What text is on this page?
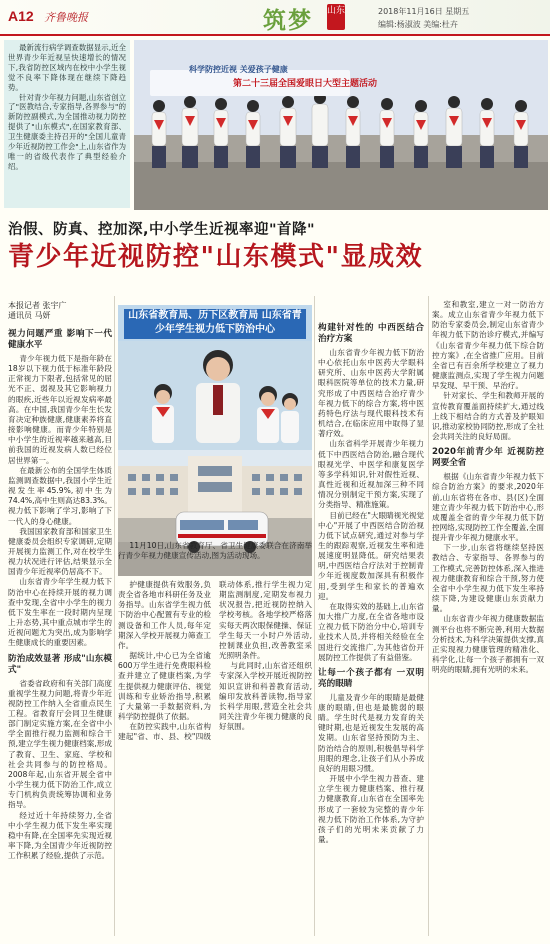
A12 齐鲁晚报	筑梦 山东	2018年11月16日 星期五
编辑:杨淑波 美编:杜卉

最新流行病学调查数据显示,近全世界青少年近视呈快速增长的情况下,我省防控区域内在校中小学生视觉不良率下降体现在继续下降趋势。

针对青少年视力问题,山东省创立了"医教结合,专家指导,各界参与"的新防控副模式,为全国推动视力防控提供了"山东模式",在国家教育部、卫生健康委主持召开的"全国儿童青少年近视防控工作会"上,山东省作为唯一的省级代表作了典型经验介绍。

科学防控近视 关爱孩子健康
第二十三届全国爱眼日大型主题活动
治假、防真、控加深,中小学生近视率迎"首降"
青少年近视防控"山东模式"显成效
本报记者 张宇广
通讯员 马妍
视力问题严重 影响下一代健康水平

青少年视力低下是指年龄在18岁以下视力低于标准年龄段正常视力下限者,包括常见的屈光不正、弱视及其它影响视力的眼疾,近些年以近视发病率最高。在中国,我国青少年生长发育决定种族健康,健康素养将直接影响健康。而青少年特别是中小学生的近视率越来越高,目前我国的近视发病人数已经位居世界第一。

在最新公布的全国学生体质监测调查数据中,我国小学生近视发生率45.9%,初中生为74.4%,高中生则高达83.3%。视力低下影响了学习,影响了下一代人的身心健康。

我国国家教育部和国家卫生健康委员会组织专家调研,定期开展视力监测工作,对在校学生视力状况进行评估,结果显示全国青少年近视率仍居高不下。

山东省青少年学生视力低下防治中心在持续开展的视力调查中发现,全省中小学生的视力低下发生率在一段时期内呈现上升态势,其中重点城市学生的近视问题尤为突出,成为影响学生健康成长的重要因素。

防治成效显著 形成"山东模式"

省委省政府和有关部门高度重视学生视力问题,将青少年近视防控工作纳入全省重点民生工程。省教育厅会同卫生健康部门制定实施方案,在全省中小学全面推行视力监测和综合干预,建立学生视力健康档案,形成了教育、卫生、家庭、学校和社会共同参与的防控格局。2008年起,山东省开展全省中小学生视力低下防治工作,成立专门机构负责统筹协调和业务指导。

经过近十年持续努力,全省中小学生视力低下发生率实现稳中有降,在全国率先实现近视率下降,为全国青少年近视防控工作积累了经验,提供了示范。

山东省教育局、历下区教育局 山东省青少年学生视力低下防治中心

11月10日,山东省教育厅、省卫生健康委联合在济南举行青少年视力健康宣传活动,图为活动现场。

护健康提供有效服务,负责全省各地市科研任务及业务指导。山东省学生视力低下防治中心配置有专业的检测设备和工作人员,每年定期深入学校开展视力筛查工作。

据统计,中心已为全省逾600万学生进行免费眼科检查并建立了健康档案,为学生提供视力健康评估、视觉训练和专业矫治指导,积累了大量第一手数据资料,为科学防控提供了依据。

在防控实践中,山东省构建起"省、市、县、校"四级联动体系,推行学生视力定期监测制度,定期发布视力状况报告,把近视防控纳入学校考核。各地学校严格落实每天两次眼保健操、保证学生每天一小时户外活动,控制课业负担,改善教室采光照明条件。

与此同时,山东省还组织专家深入学校开展近视防控知识宣讲和科普教育活动,编印发放科普读物,指导家长科学用眼,营造全社会共同关注青少年视力健康的良好氛围。

构建针对性的 中西医结合治疗方案

山东省青少年视力低下防治中心依托山东中医药大学眼科研究所、山东中医药大学附属眼科医院等单位的技术力量,研究形成了中西医结合治疗青少年视力低下的综合方案,将中医药特色疗法与现代眼科技术有机结合,在临床应用中取得了显著疗效。

山东省科学开展青少年视力低下中西医结合防治,融合现代眼视光学、中医学和康复医学等多学科知识,针对假性近视、真性近视和近视加深三种不同情况分别制定干预方案,实现了分类指导、精准施策。

目前已经在"大眼睛视光视觉中心"开展了中西医结合防治视力低下试点研究,通过对参与学生的跟踪观察,近视发生率和进展速度明显降低。研究结果表明,中西医结合疗法对于控制青少年近视度数加深具有积极作用,受到学生和家长的普遍欢迎。

在取得实效的基础上,山东省加大推广力度,在全省各地市设立视力低下防治分中心,培训专业技术人员,并将相关经验在全国进行交流推广,为其他省份开展防控工作提供了有益借鉴。

让每一个孩子都有 一双明亮的眼睛

儿童及青少年的眼睛是最健康的眼睛,但也是最脆弱的眼睛。学生时代是视力发育的关键时期,也是近视发生发展的高发期。山东省坚持预防为主、防治结合的原则,积极倡导科学用眼的理念,让孩子们从小养成良好的用眼习惯。

开展中小学生视力普查、建立学生视力健康档案、推行视力健康教育,山东省在全国率先形成了一套较为完整的青少年视力低下防治工作体系,为守护孩子们的光明未来贡献了力量。

室和教室,建立一对一防治方案。成立山东省青少年视力低下防治专家委员会,制定山东省青少年视力低下防治诊疗模式,并编写《山东省青少年视力低下综合防控方案》,在全省推广应用。目前全省已有百余所学校建立了视力健康监测点,实现了学生视力问题早发现、早干预、早治疗。

针对家长、学生和教师开展的宣传教育覆盖面持续扩大,通过线上线下相结合的方式普及护眼知识,推动家校协同防控,形成了全社会共同关注的良好局面。

2020年前青少年 近视防控网要全省

根据《山东省青少年视力低下综合防治方案》的要求,2020年前,山东省将在各市、县(区)全面建立青少年视力低下防治中心,形成覆盖全省的青少年视力低下防控网络,实现防控工作全覆盖,全面提升青少年视力健康水平。

下一步,山东省将继续坚持医教结合、专家指导、各界参与的工作模式,完善防控体系,深入推进视力健康教育和综合干预,努力使全省中小学生视力低下发生率持续下降,为建设健康山东贡献力量。

山东省青少年视力健康数据监测平台也将不断完善,利用大数据分析技术,为科学决策提供支撑,真正实现视力健康管理的精准化、科学化,让每一个孩子都拥有一双明亮的眼睛,拥有光明的未来。
